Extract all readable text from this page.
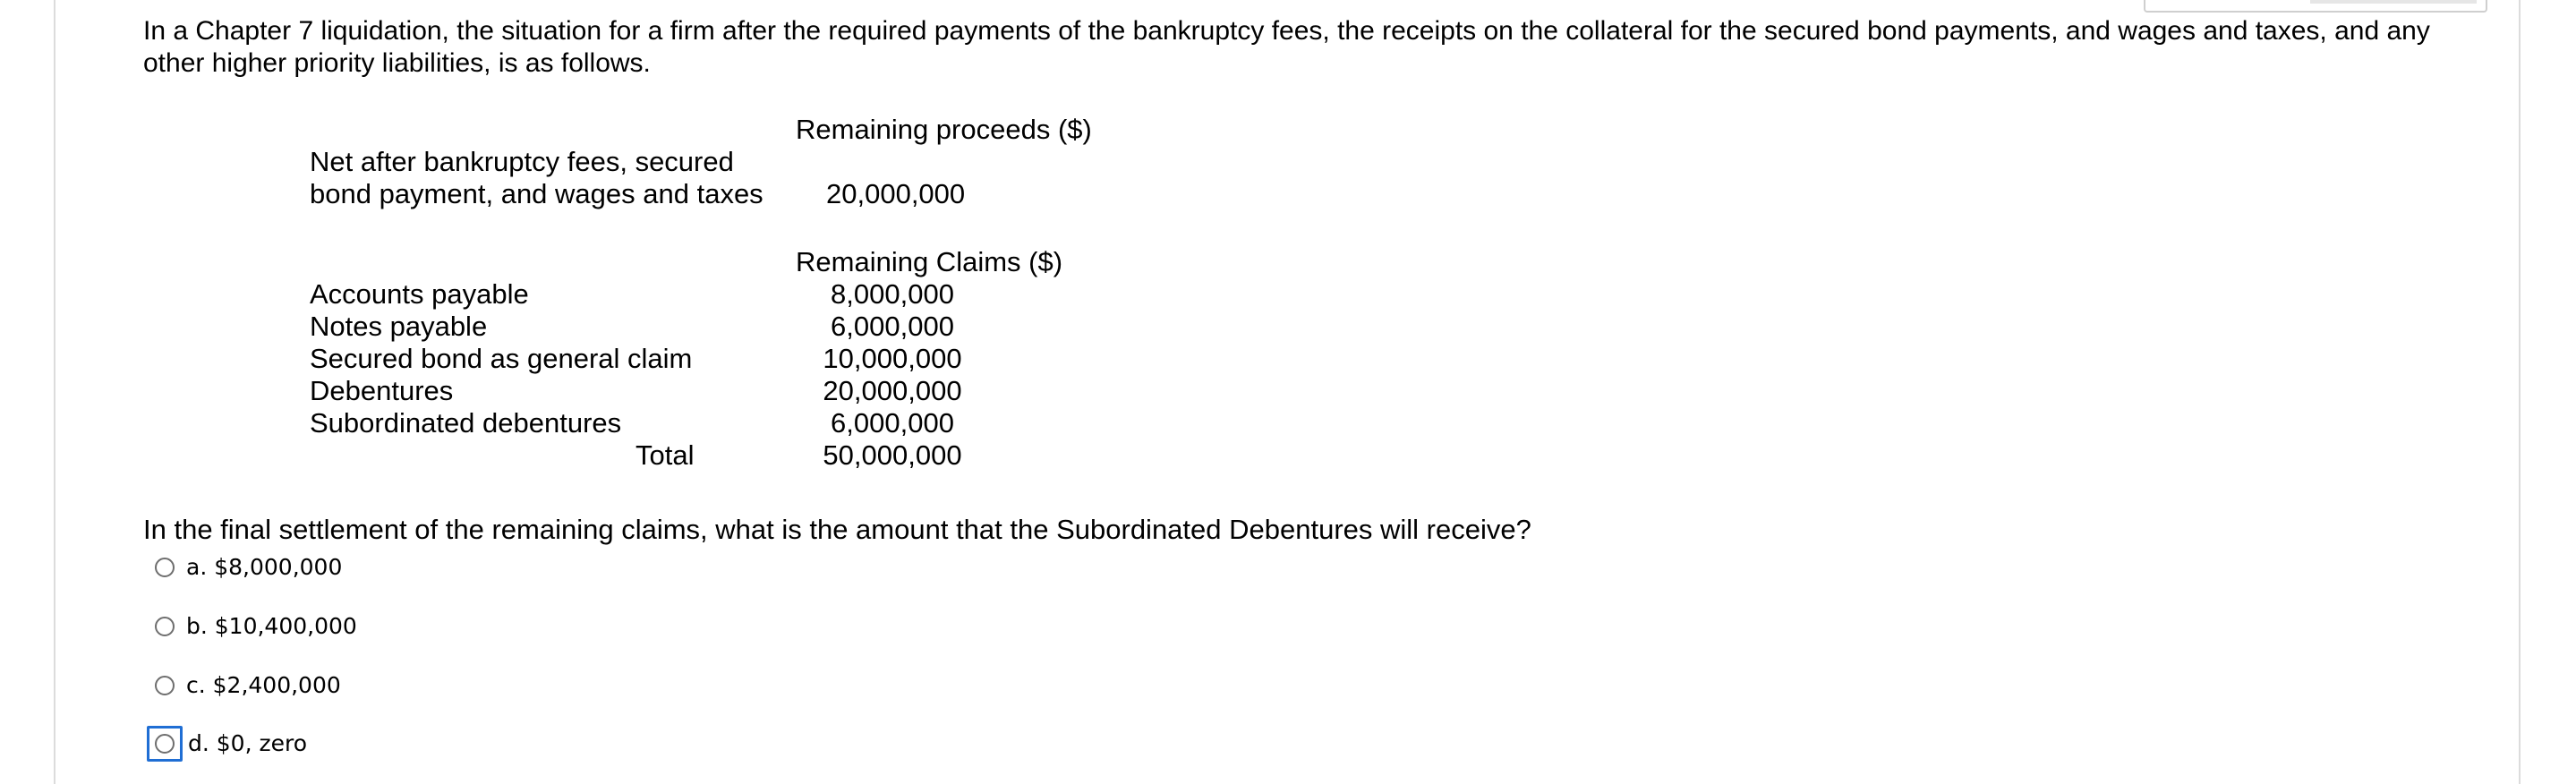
In a Chapter 7 liquidation, the situation for a firm after the required payments of the bankruptcy fees, the receipts on the collateral for the secured bond payments, and wages and taxes, and any other higher priority liabilities, is as follows.
Remaining proceeds ($)
Net after bankruptcy fees, secured
bond payment, and wages and taxes 20,000,000
Remaining Claims ($)
Accounts payable	8,000,000
Notes payable	6,000,000
Secured bond as general claim	10,000,000
Debentures	20,000,000
Subordinated debentures	6,000,000
Total	50,000,000
In the final settlement of the remaining claims, what is the amount that the Subordinated Debentures will receive?
a. $8,000,000
b. $10,400,000
c. $2,400,000
d. $0, zero
